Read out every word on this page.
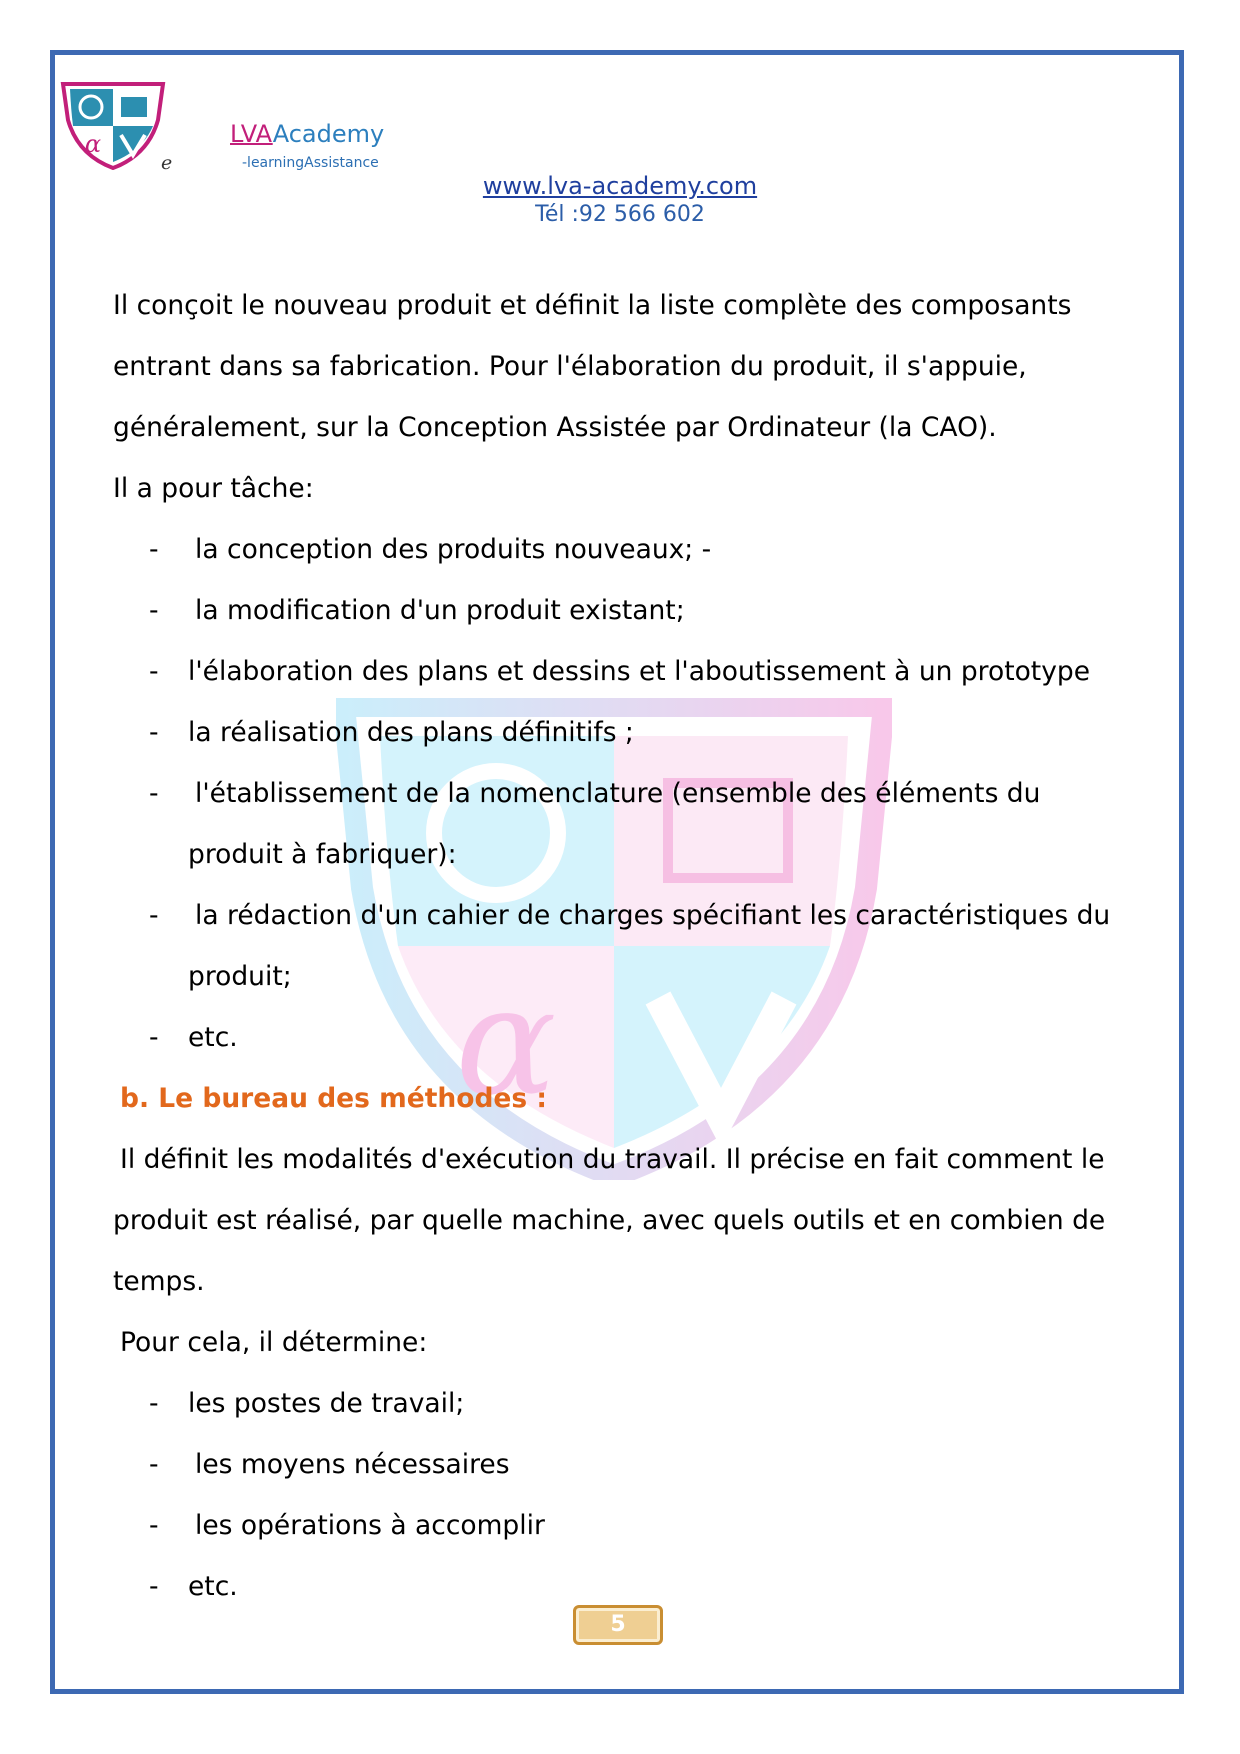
α
e
LVAAcademy
-learningAssistance
www.lva-academy.com
Tél :92 566 602
α

Il conçoit le nouveau produit et définit la liste complète des composants

entrant dans sa fabrication. Pour l'élaboration du produit, il s'appuie,

généralement, sur la Conception Assistée par Ordinateur (la CAO).

Il a pour tâche:

- la conception des produits nouveaux; -

- la modification d'un produit existant;

- l'élaboration des plans et dessins et l'aboutissement à un prototype

- la réalisation des plans définitifs ;

- l'établissement de la nomenclature (ensemble des éléments du

produit à fabriquer):

- la rédaction d'un cahier de charges spécifiant les caractéristiques du

produit;

- etc.

b. Le bureau des méthodes :

Il définit les modalités d'exécution du travail. Il précise en fait comment le

produit est réalisé, par quelle machine, avec quels outils et en combien de

temps.

Pour cela, il détermine:

- les postes de travail;

- les moyens nécessaires

- les opérations à accomplir

- etc.

5
